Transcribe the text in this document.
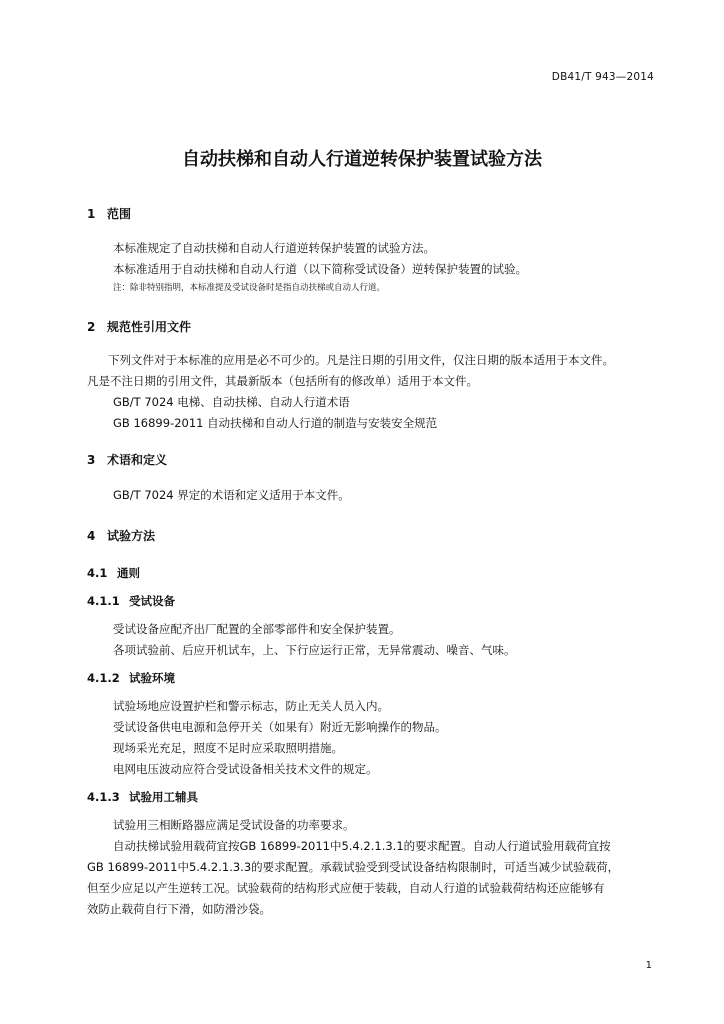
DB41/T 943—2014
自动扶梯和自动人行道逆转保护装置试验方法
1 范围
本标准规定了自动扶梯和自动人行道逆转保护装置的试验方法。
本标准适用于自动扶梯和自动人行道（以下简称受试设备）逆转保护装置的试验。
注：除非特别指明，本标准提及受试设备时是指自动扶梯或自动人行道。
2 规范性引用文件
下列文件对于本标准的应用是必不可少的。凡是注日期的引用文件，仅注日期的版本适用于本文件。
凡是不注日期的引用文件，其最新版本（包括所有的修改单）适用于本文件。
GB/T 7024 电梯、自动扶梯、自动人行道术语
GB 16899-2011 自动扶梯和自动人行道的制造与安装安全规范
3 术语和定义
GB/T 7024 界定的术语和定义适用于本文件。
4 试验方法
4.1 通则
4.1.1 受试设备
受试设备应配齐出厂配置的全部零部件和安全保护装置。
各项试验前、后应开机试车，上、下行应运行正常，无异常震动、噪音、气味。
4.1.2 试验环境
试验场地应设置护栏和警示标志，防止无关人员入内。
受试设备供电电源和急停开关（如果有）附近无影响操作的物品。
现场采光充足，照度不足时应采取照明措施。
电网电压波动应符合受试设备相关技术文件的规定。
4.1.3 试验用工辅具
试验用三相断路器应满足受试设备的功率要求。
自动扶梯试验用载荷宜按GB 16899-2011中5.4.2.1.3.1的要求配置。自动人行道试验用载荷宜按
GB 16899-2011中5.4.2.1.3.3的要求配置。承载试验受到受试设备结构限制时，可适当减少试验载荷，
但至少应足以产生逆转工况。试验载荷的结构形式应便于装载，自动人行道的试验载荷结构还应能够有
效防止载荷自行下滑，如防滑沙袋。
1
